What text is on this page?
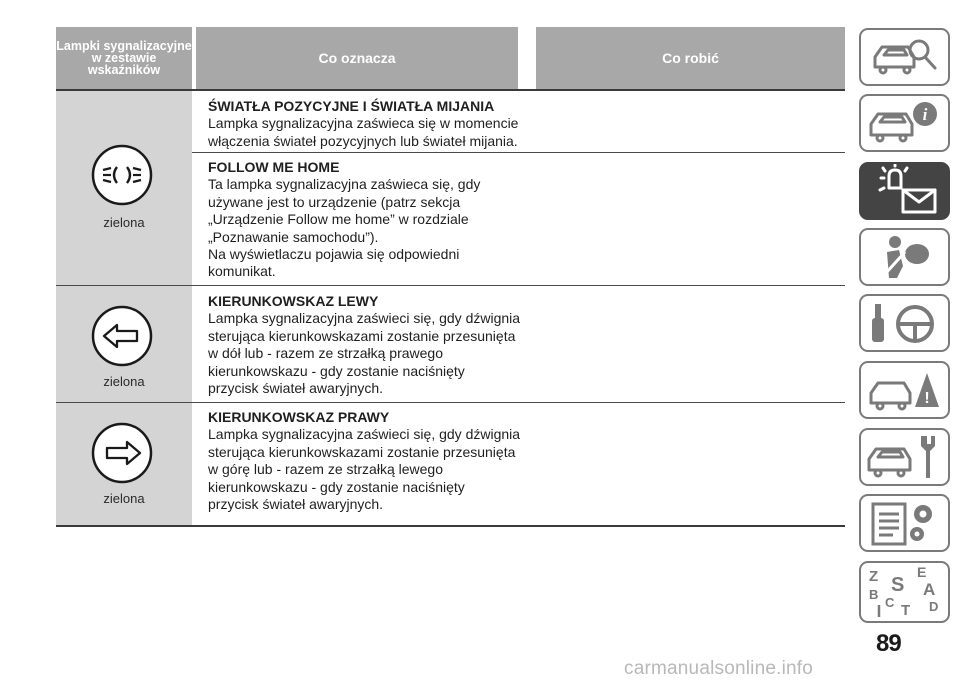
Lampki sygnalizacyjne w zestawie wskaźników
Co oznacza	Co robić
zielona
ŚWIATŁA POZYCYJNE I ŚWIATŁA MIJANIA
Lampka sygnalizacyjna zaświeca się w momencie
włączenia świateł pozycyjnych lub świateł mijania.
FOLLOW ME HOME
Ta lampka sygnalizacyjna zaświeca się, gdy
używane jest to urządzenie (patrz sekcja
„Urządzenie Follow me home” w rozdziale
„Poznawanie samochodu”).
Na wyświetlaczu pojawia się odpowiedni
komunikat.
zielona
KIERUNKOWSKAZ LEWY
Lampka sygnalizacyjna zaświeci się, gdy dźwignia
sterująca kierunkowskazami zostanie przesunięta
w dół lub - razem ze strzałką prawego
kierunkowskazu - gdy zostanie naciśnięty
przycisk świateł awaryjnych.
zielona
KIERUNKOWSKAZ PRAWY
Lampka sygnalizacyjna zaświeci się, gdy dźwignia
sterująca kierunkowskazami zostanie przesunięta
w górę lub - razem ze strzałką lewego
kierunkowskazu - gdy zostanie naciśnięty
przycisk świateł awaryjnych.
i
!
Z	E
A
B
C T D
S
89
carmanualsonline.info
